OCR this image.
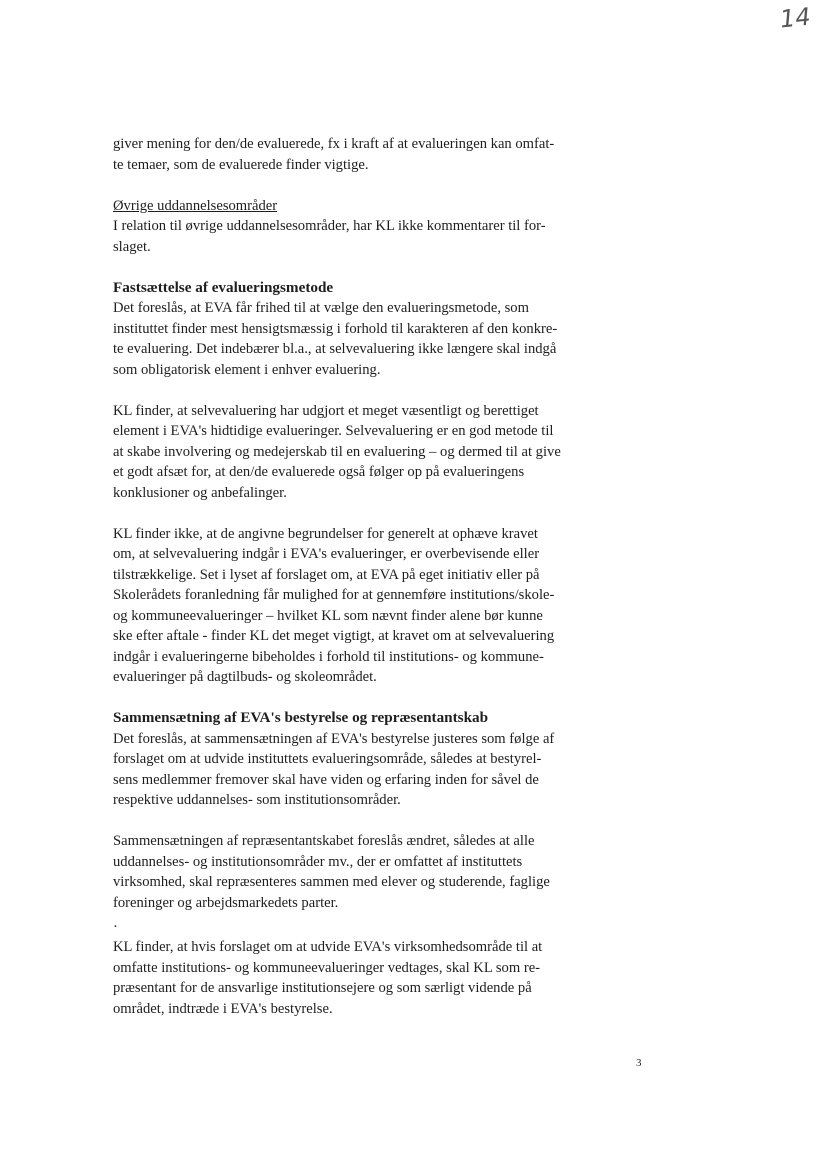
14
giver mening for den/de evaluerede, fx i kraft af at evalueringen kan omfat-
te temaer, som de evaluerede finder vigtige.
Øvrige uddannelsesområder
I relation til øvrige uddannelsesområder, har KL ikke kommentarer til for-
slaget.
Fastsættelse af evalueringsmetode
Det foreslås, at EVA får frihed til at vælge den evalueringsmetode, som
instituttet finder mest hensigtsmæssig i forhold til karakteren af den konkre-
te evaluering. Det indebærer bl.a., at selvevaluering ikke længere skal indgå
som obligatorisk element i enhver evaluering.
KL finder, at selvevaluering har udgjort et meget væsentligt og berettiget
element i EVA's hidtidige evalueringer. Selvevaluering er en god metode til
at skabe involvering og medejerskab til en evaluering – og dermed til at give
et godt afsæt for, at den/de evaluerede også følger op på evalueringens
konklusioner og anbefalinger.
KL finder ikke, at de angivne begrundelser for generelt at ophæve kravet
om, at selvevaluering indgår i EVA's evalueringer, er overbevisende eller
tilstrækkelige. Set i lyset af forslaget om, at EVA på eget initiativ eller på
Skolerådets foranledning får mulighed for at gennemføre institutions/skole-
og kommuneevalueringer – hvilket KL som nævnt finder alene bør kunne
ske efter aftale - finder KL det meget vigtigt, at kravet om at selvevaluering
indgår i evalueringerne bibeholdes i forhold til institutions- og kommune-
evalueringer på dagtilbuds- og skoleområdet.
Sammensætning af EVA's bestyrelse og repræsentantskab
Det foreslås, at sammensætningen af EVA's bestyrelse justeres som følge af
forslaget om at udvide instituttets evalueringsområde, således at bestyrel-
sens medlemmer fremover skal have viden og erfaring inden for såvel de
respektive uddannelses- som institutionsområder.
Sammensætningen af repræsentantskabet foreslås ændret, således at alle
uddannelses- og institutionsområder mv., der er omfattet af instituttets
virksomhed, skal repræsenteres sammen med elever og studerende, faglige
foreninger og arbejdsmarkedets parter.
·
KL finder, at hvis forslaget om at udvide EVA's virksomhedsområde til at
omfatte institutions- og kommuneevalueringer vedtages, skal KL som re-
præsentant for de ansvarlige institutionsejere og som særligt vidende på
området, indtræde i EVA's bestyrelse.
3
